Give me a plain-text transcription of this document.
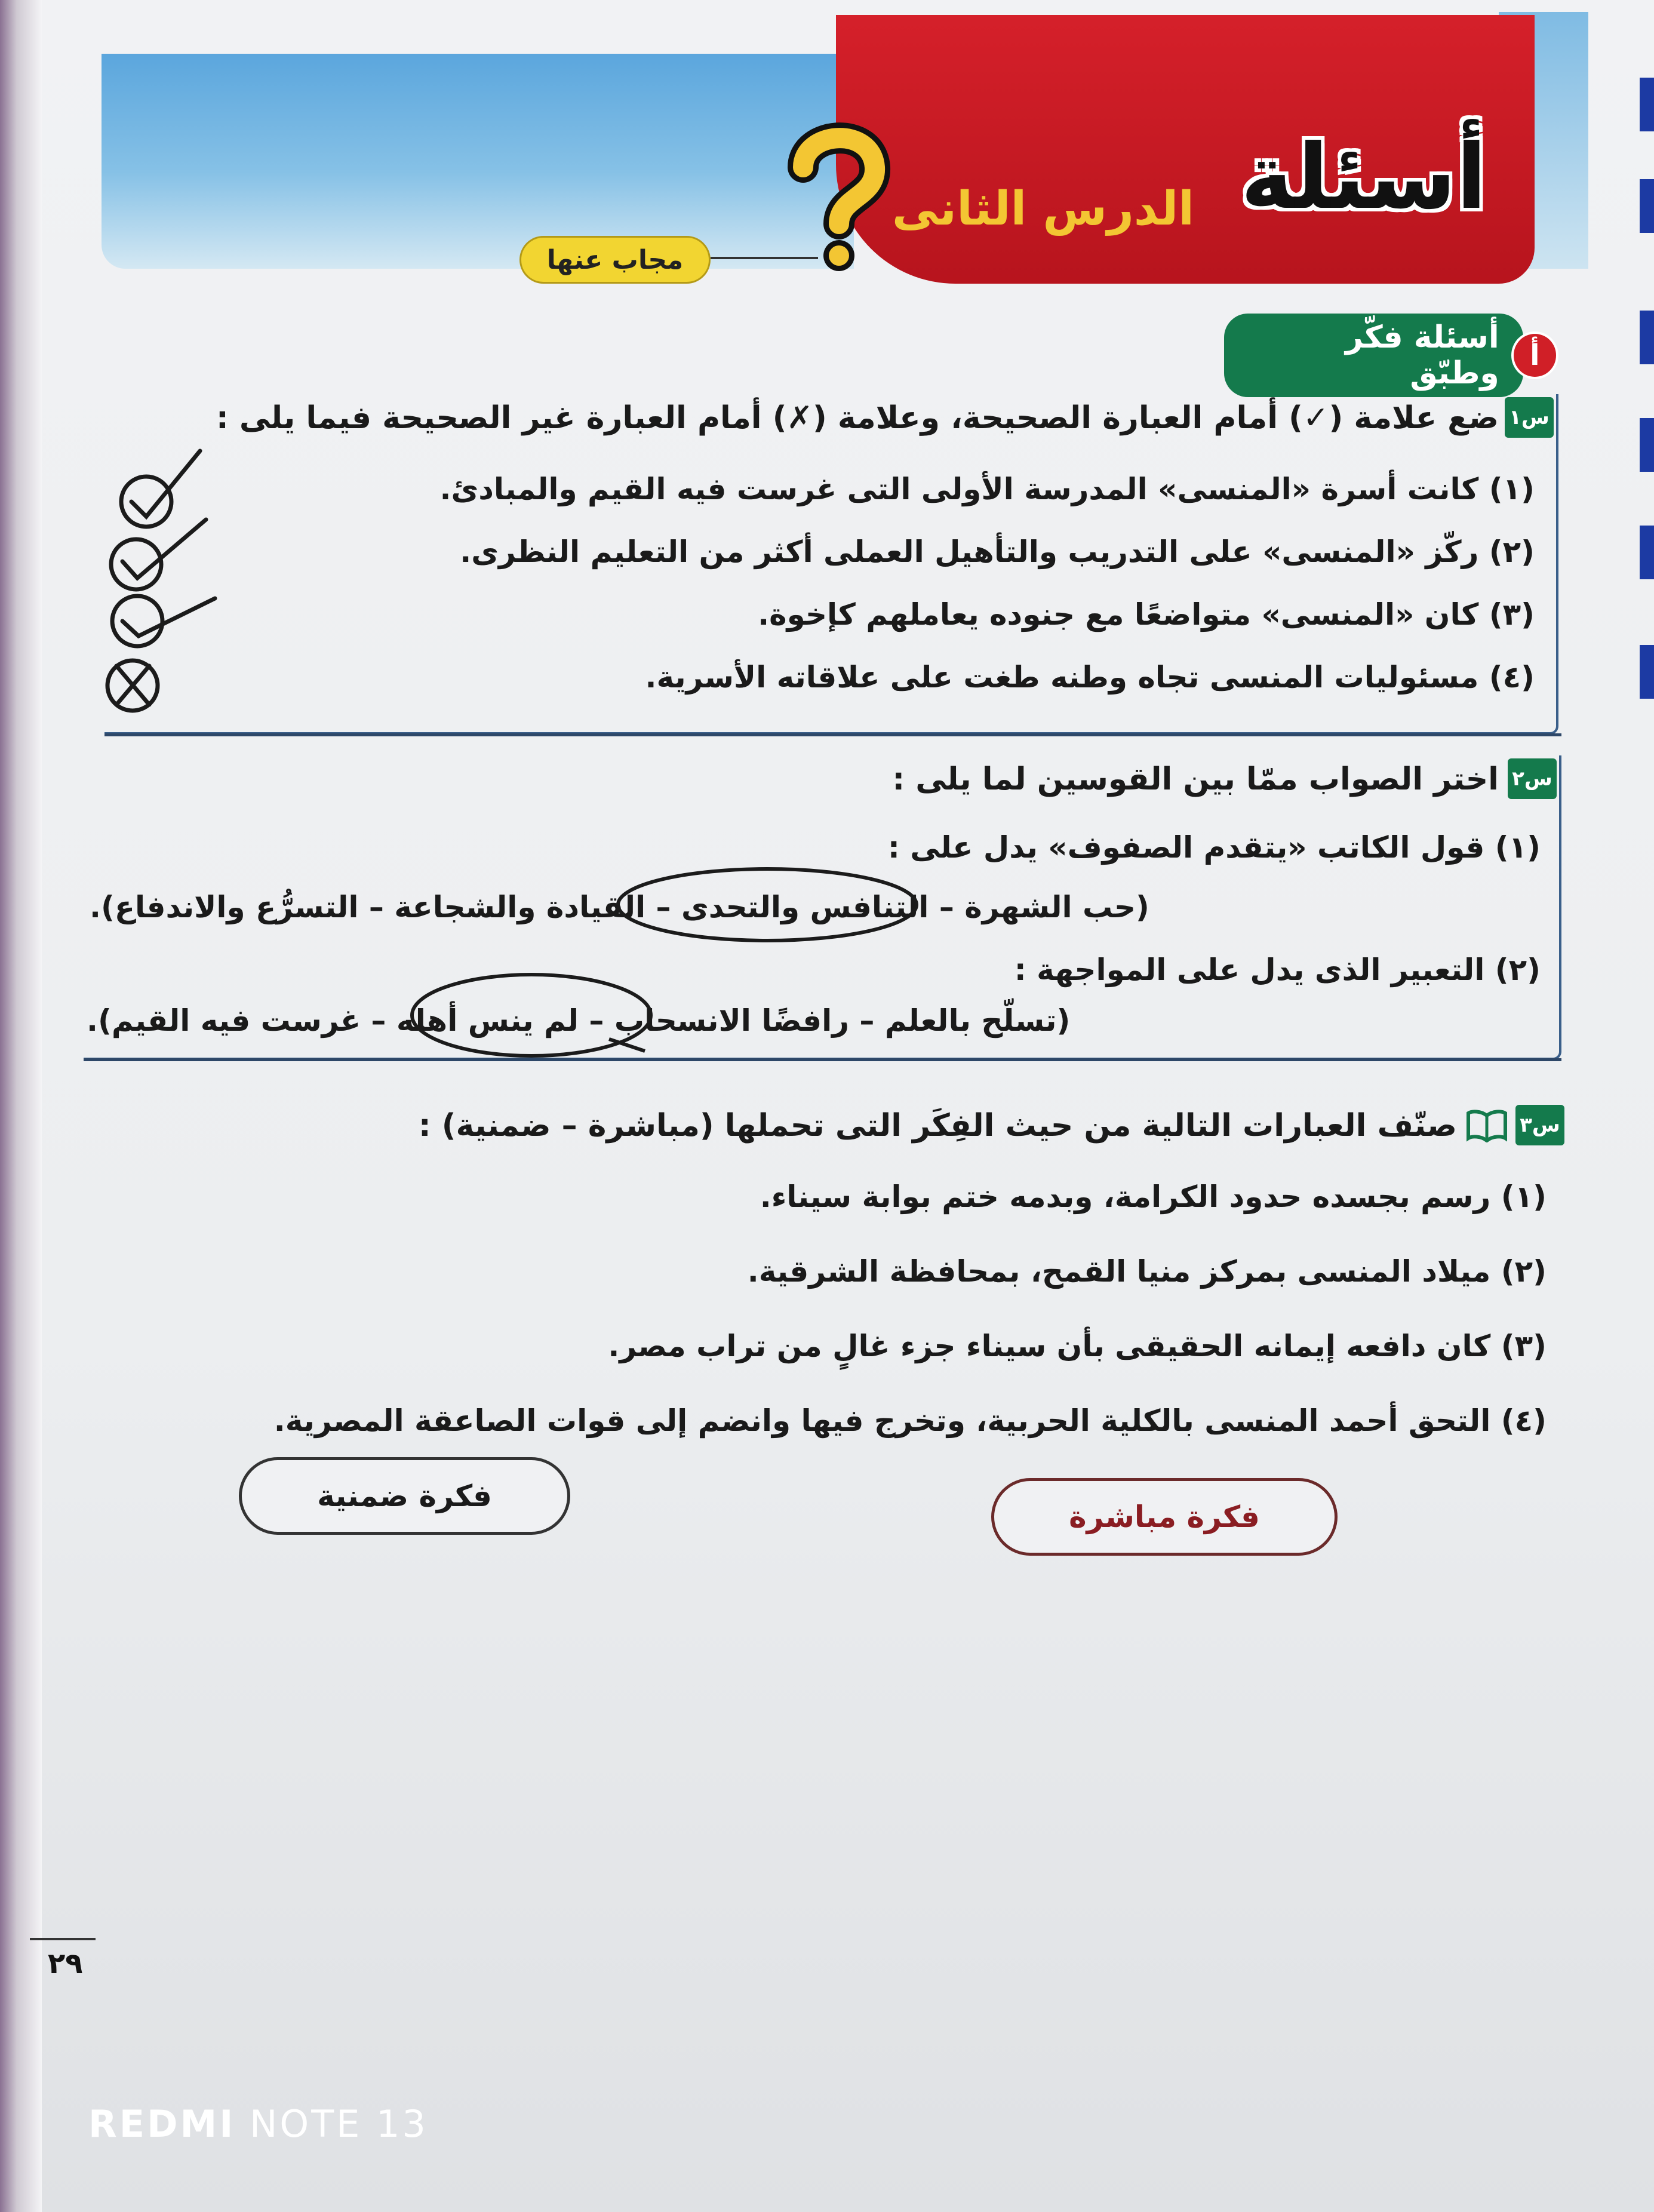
أسئلة
الدرس الثانى
مجاب عنها
أ
أسئلة فكّر وطبّق
س١
ضع علامة (✓) أمام العبارة الصحيحة، وعلامة (✗) أمام العبارة غير الصحيحة فيما يلى :
(١) كانت أسرة «المنسى» المدرسة الأولى التى غرست فيه القيم والمبادئ.
(٢) ركّز «المنسى» على التدريب والتأهيل العملى أكثر من التعليم النظرى.
(٣) كان «المنسى» متواضعًا مع جنوده يعاملهم كإخوة.
(٤) مسئوليات المنسى تجاه وطنه طغت على علاقاته الأسرية.
س٢
اختر الصواب ممّا بين القوسين لما يلى :
(١) قول الكاتب «يتقدم الصفوف» يدل على :
(حب الشهرة – التنافس والتحدى – القيادة والشجاعة – التسرُّع والاندفاع).
(٢) التعبير الذى يدل على المواجهة :
(تسلّح بالعلم – رافضًا الانسحاب – لم ينس أهله – غرست فيه القيم).
س٣
صنّف العبارات التالية من حيث الفِكَر التى تحملها (مباشرة – ضمنية) :
(١) رسم بجسده حدود الكرامة، وبدمه ختم بوابة سيناء.
(٢) ميلاد المنسى بمركز منيا القمح، بمحافظة الشرقية.
(٣) كان دافعه إيمانه الحقيقى بأن سيناء جزء غالٍ من تراب مصر.
(٤) التحق أحمد المنسى بالكلية الحربية، وتخرج فيها وانضم إلى قوات الصاعقة المصرية.
فكرة ضمنية
فكرة مباشرة
٢٩
REDMI NOTE 13
